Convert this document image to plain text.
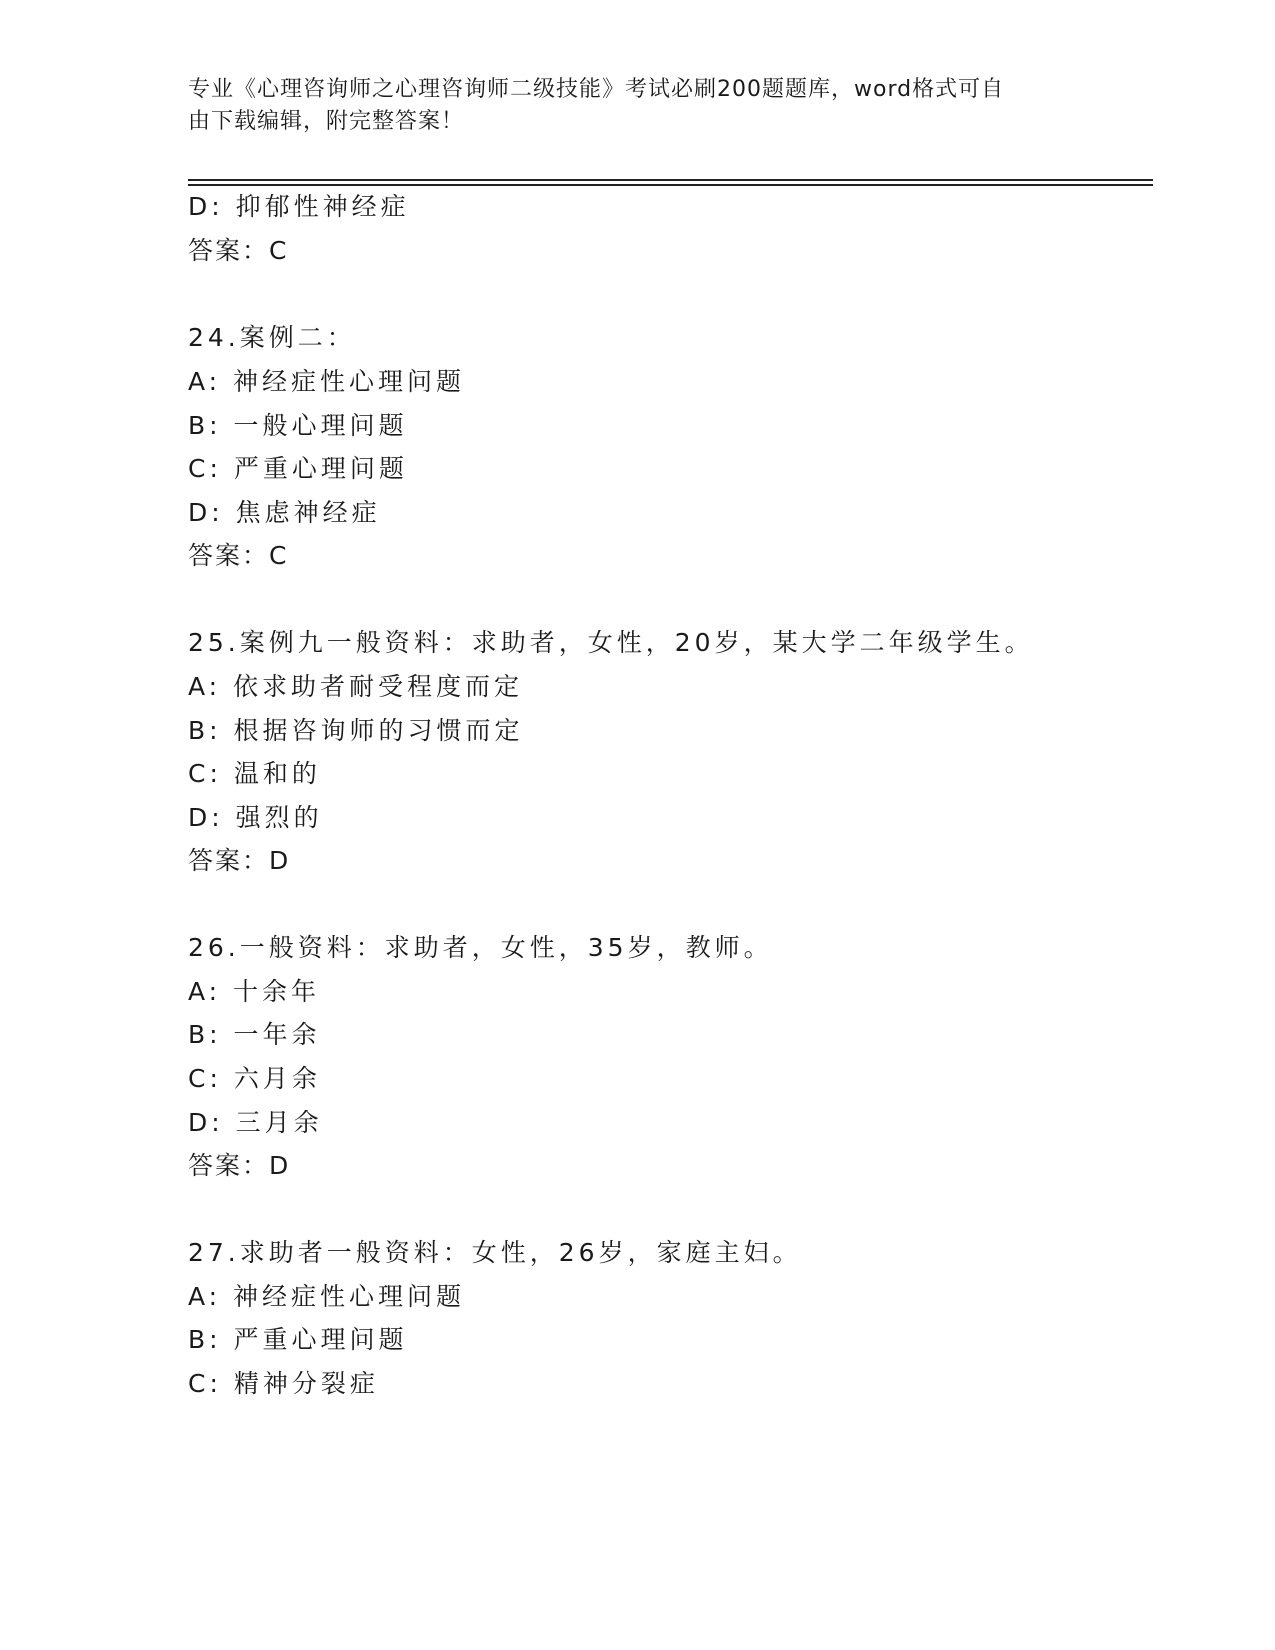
专业《心理咨询师之心理咨询师二级技能》考试必刷200题题库，word格式可自
由下载编辑，附完整答案！
D: 抑郁性神经症
答案：C
24.案例二：
A: 神经症性心理问题
B: 一般心理问题
C: 严重心理问题
D: 焦虑神经症
答案：C
25.案例九一般资料：求助者，女性，20岁，某大学二年级学生。
A: 依求助者耐受程度而定
B: 根据咨询师的习惯而定
C: 温和的
D: 强烈的
答案：D
26.一般资料：求助者，女性，35岁，教师。
A: 十余年
B: 一年余
C: 六月余
D: 三月余
答案：D
27.求助者一般资料：女性，26岁，家庭主妇。
A: 神经症性心理问题
B: 严重心理问题
C: 精神分裂症
